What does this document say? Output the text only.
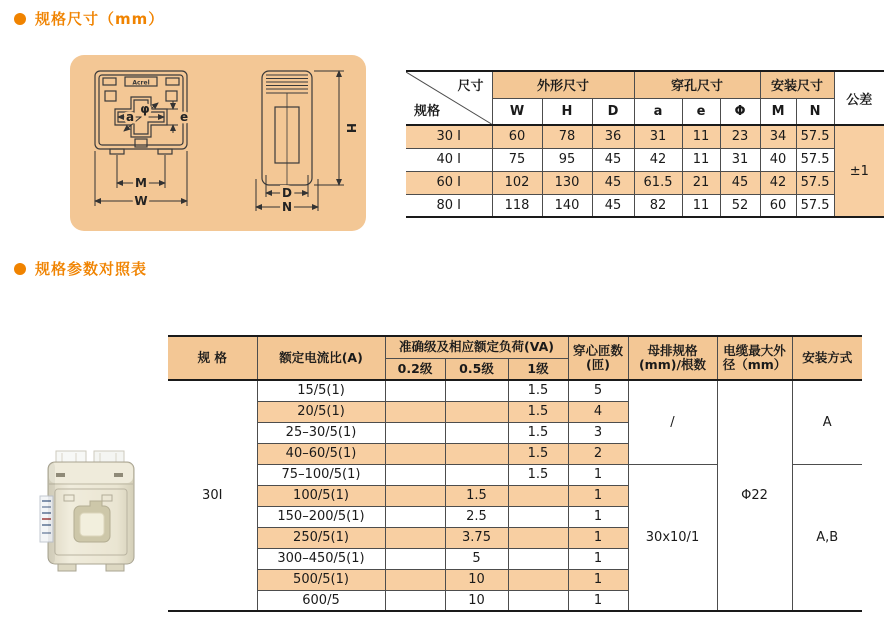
规格尺寸（mm）
Acrel
a
φ
e
M
W
D
N
H
尺寸
规格	外形尺寸			穿孔尺寸			安装尺寸		公差
	W	H	D	a	e	Φ	M	N	
30 I	60	78	36	31	11	23	34	57.5	±1
40 I	75	95	45	42	11	31	40	57.5	
60 I	102	130	45	61.5	21	45	42	57.5	
80 I	118	140	45	82	11	52	60	57.5	
规格参数对照表
规 格	额定电流比(A)	准确级及相应额定负荷(VA)			穿心匝数(匝)	母排规格(mm)/根数	电缆最大外径（mm）	安装方式
		0.2级	0.5级	1级				
30I	15/5(1)			1.5	5	/	Φ22	A
	20/5(1)			1.5	4			
	25–30/5(1)			1.5	3			
	40–60/5(1)			1.5	2			
	75–100/5(1)			1.5	1	30x10/1		A,B
	100/5(1)		1.5		1			
	150–200/5(1)		2.5		1			
	250/5(1)		3.75		1			
	300–450/5(1)		5		1			
	500/5(1)		10		1			
	600/5		10		1			
